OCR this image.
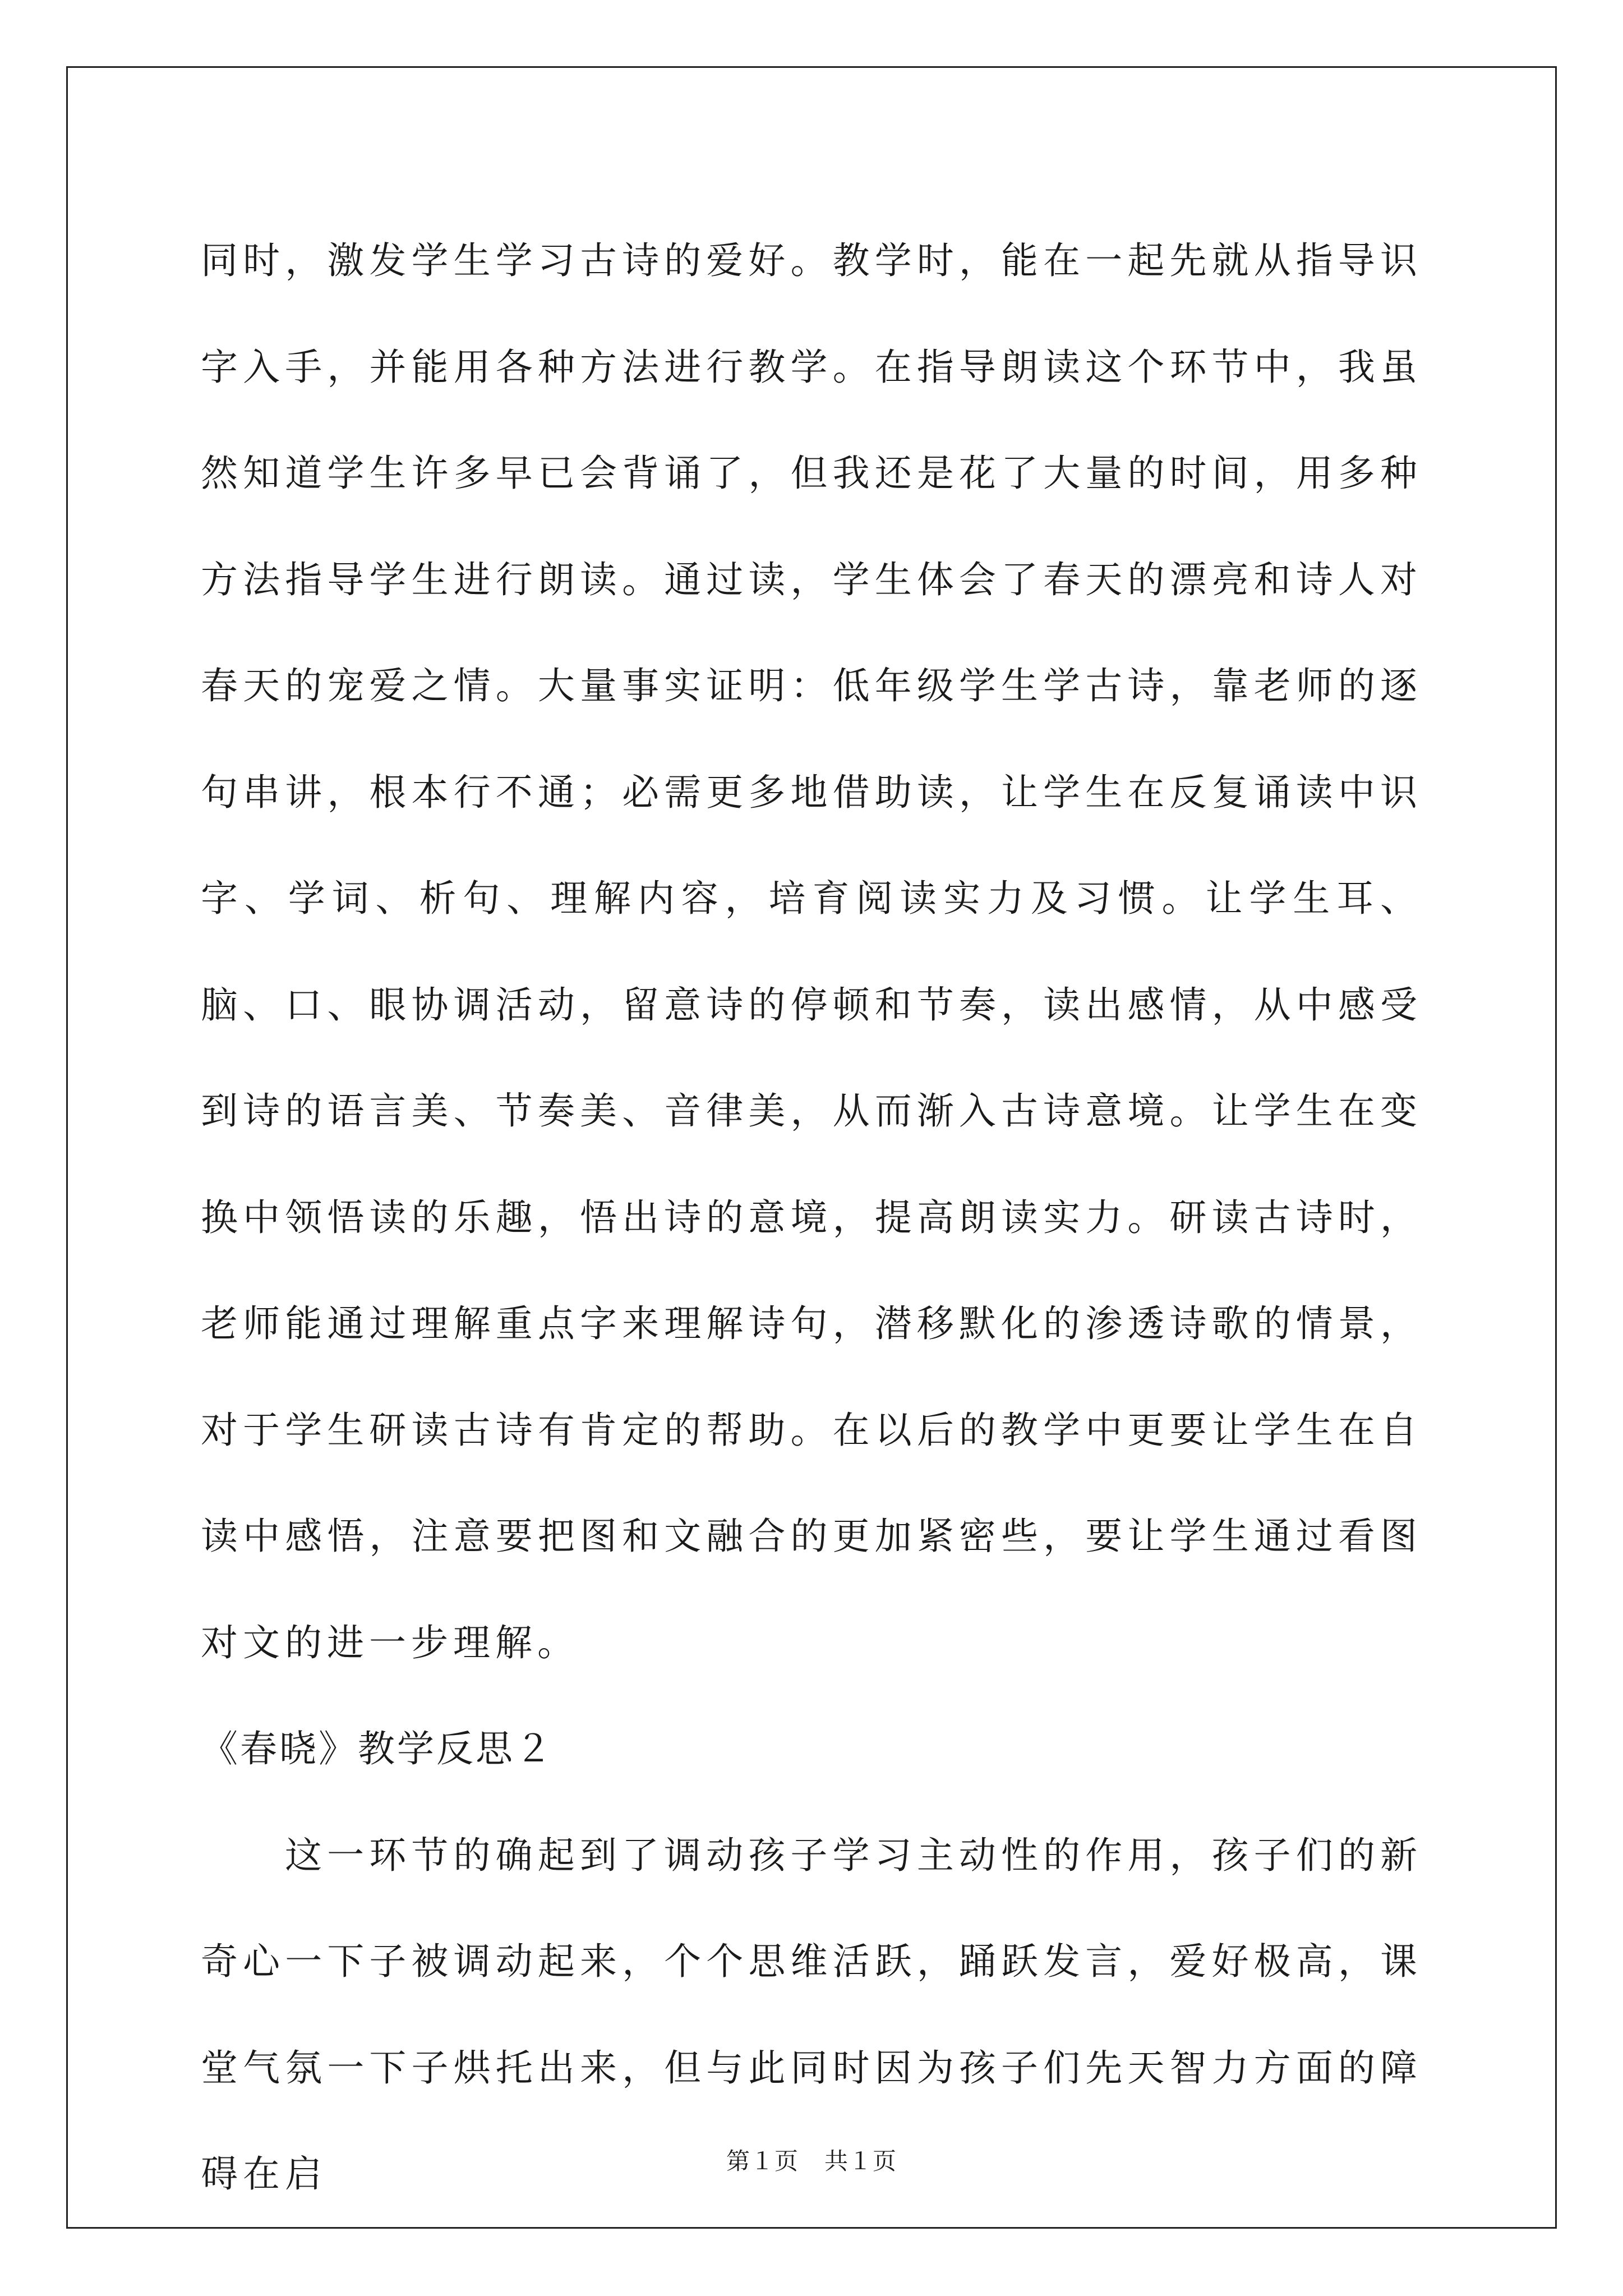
同时，激发学生学习古诗的爱好。教学时，能在一起先就从指导识字入手，并能用各种方法进行教学。在指导朗读这个环节中，我虽然知道学生许多早已会背诵了，但我还是花了大量的时间，用多种方法指导学生进行朗读。通过读，学生体会了春天的漂亮和诗人对春天的宠爱之情。大量事实证明：低年级学生学古诗，靠老师的逐句串讲，根本行不通；必需更多地借助读，让学生在反复诵读中识字、学词、析句、理解内容，培育阅读实力及习惯。让学生耳、脑、口、眼协调活动，留意诗的停顿和节奏，读出感情，从中感受到诗的语言美、节奏美、音律美，从而渐入古诗意境。让学生在变换中领悟读的乐趣，悟出诗的意境，提高朗读实力。研读古诗时，老师能通过理解重点字来理解诗句，潜移默化的渗透诗歌的情景，对于学生研读古诗有肯定的帮助。在以后的教学中更要让学生在自读中感悟，注意要把图和文融合的更加紧密些，要让学生通过看图对文的进一步理解。

《春晓》教学反思２

这一环节的确起到了调动孩子学习主动性的作用，孩子们的新奇心一下子被调动起来，个个思维活跃，踊跃发言，爱好极高，课堂气氛一下子烘托出来，但与此同时因为孩子们先天智力方面的障碍在启	第１页 共１页
